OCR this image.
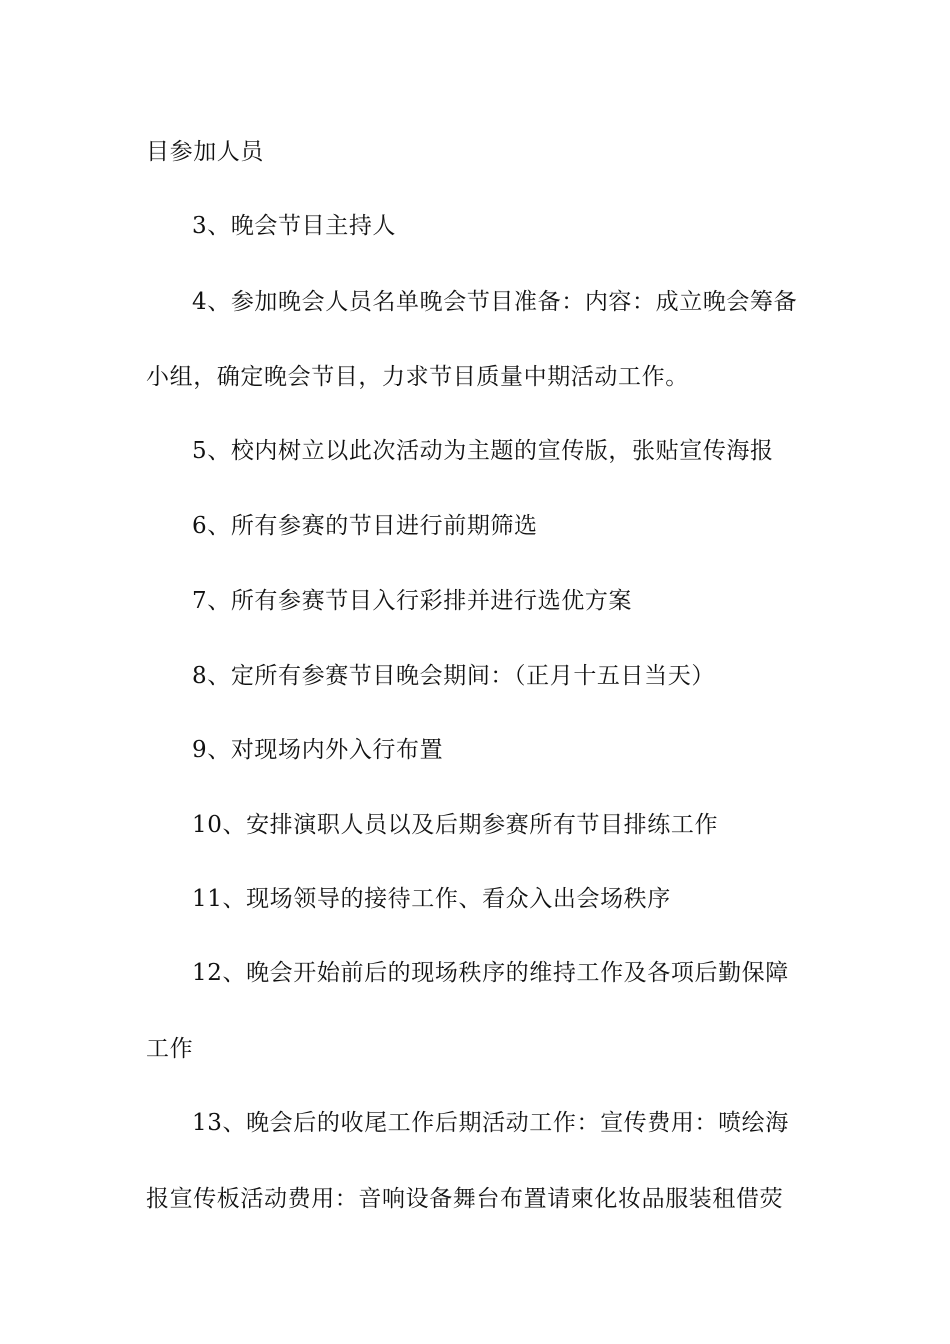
目参加人员
3、晚会节目主持人
4、参加晚会人员名单晚会节目准备：内容：成立晚会筹备
小组，确定晚会节目，力求节目质量中期活动工作。
5、校内树立以此次活动为主题的宣传版，张贴宣传海报
6、所有参赛的节目进行前期筛选
7、所有参赛节目入行彩排并进行选优方案
8、定所有参赛节目晚会期间：（正月十五日当天）
9、对现场内外入行布置
10、安排演职人员以及后期参赛所有节目排练工作
11、现场领导的接待工作、看众入出会场秩序
12、晚会开始前后的现场秩序的维持工作及各项后勤保障
工作
13、晚会后的收尾工作后期活动工作：宣传费用：喷绘海
报宣传板活动费用：音响设备舞台布置请柬化妆品服装租借荧
